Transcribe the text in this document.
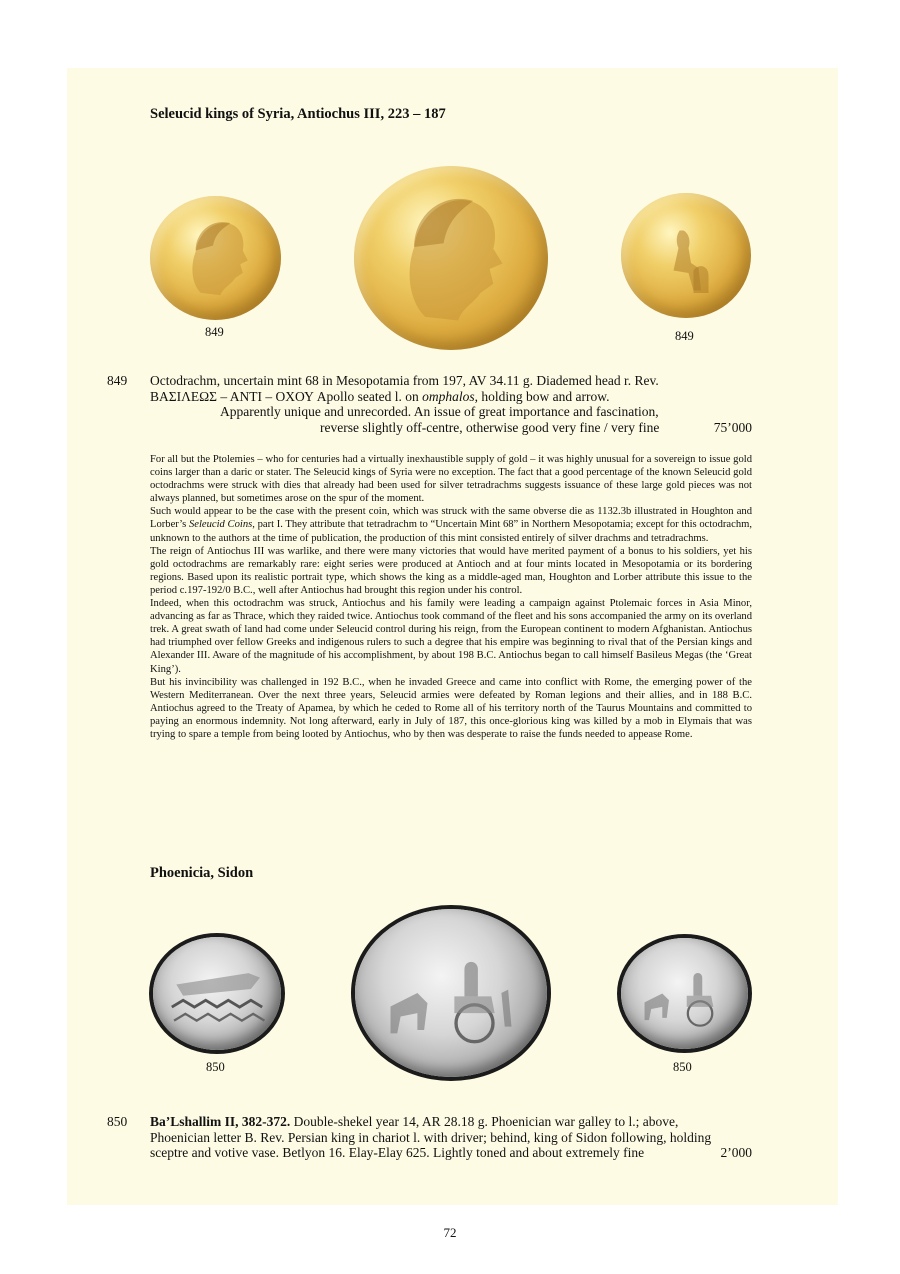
Seleucid kings of Syria, Antiochus III, 223 – 187
849	849
849 Octodrachm, uncertain mint 68 in Mesopotamia from 197, AV 34.11 g. Diademed head r. Rev.
ΒΑΣΙΛΕΩΣ – ΑΝΤΙ – ΟΧΟΥ Apollo seated l. on omphalos, holding bow and arrow.
Apparently unique and unrecorded. An issue of great importance and fascination,
reverse slightly off-centre, otherwise good very fine / very fine	75’000

For all but the Ptolemies – who for centuries had a virtually inexhaustible supply of gold – it was highly unusual for a sovereign to issue gold coins larger than a daric or stater. The Seleucid kings of Syria were no exception. The fact that a good percentage of the known Seleucid gold octodrachms were struck with dies that already had been used for silver tetradrachms suggests issuance of these large gold pieces was not always planned, but sometimes arose on the spur of the moment.

Such would appear to be the case with the present coin, which was struck with the same obverse die as 1132.3b illustrated in Houghton and Lorber’s Seleucid Coins, part I. They attribute that tetradrachm to “Uncertain Mint 68” in Northern Mesopotamia; except for this octodrachm, unknown to the authors at the time of publication, the production of this mint consisted entirely of silver drachms and tetradrachms.

The reign of Antiochus III was warlike, and there were many victories that would have merited payment of a bonus to his soldiers, yet his gold octodrachms are remarkably rare: eight series were produced at Antioch and at four mints located in Mesopotamia or its bordering regions. Based upon its realistic portrait type, which shows the king as a middle-aged man, Houghton and Lorber attribute this issue to the period c.197-192/0 B.C., well after Antiochus had brought this region under his control.

Indeed, when this octodrachm was struck, Antiochus and his family were leading a campaign against Ptolemaic forces in Asia Minor, advancing as far as Thrace, which they raided twice. Antiochus took command of the fleet and his sons accompanied the army on its overland trek. A great swath of land had come under Seleucid control during his reign, from the European continent to modern Afghanistan. Antiochus had triumphed over fellow Greeks and indigenous rulers to such a degree that his empire was beginning to rival that of the Persian kings and Alexander III. Aware of the magnitude of his accomplishment, by about 198 B.C. Antiochus began to call himself Basileus Megas (the ‘Great King’).

But his invincibility was challenged in 192 B.C., when he invaded Greece and came into conflict with Rome, the emerging power of the Western Mediterranean. Over the next three years, Seleucid armies were defeated by Roman legions and their allies, and in 188 B.C. Antiochus agreed to the Treaty of Apamea, by which he ceded to Rome all of his territory north of the Taurus Mountains and committed to paying an enormous indemnity. Not long afterward, early in July of 187, this once-glorious king was killed by a mob in Elymais that was trying to spare a temple from being looted by Antiochus, who by then was desperate to raise the funds needed to appease Rome.

Phoenicia, Sidon
850	850
850 Ba’Lshallim II, 382-372. Double-shekel year 14, AR 28.18 g. Phoenician war galley to l.; above,
Phoenician letter B. Rev. Persian king in chariot l. with driver; behind, king of Sidon following, holding
sceptre and votive vase. Betlyon 16. Elay-Elay 625. Lightly toned and about extremely fine	2’000
72
